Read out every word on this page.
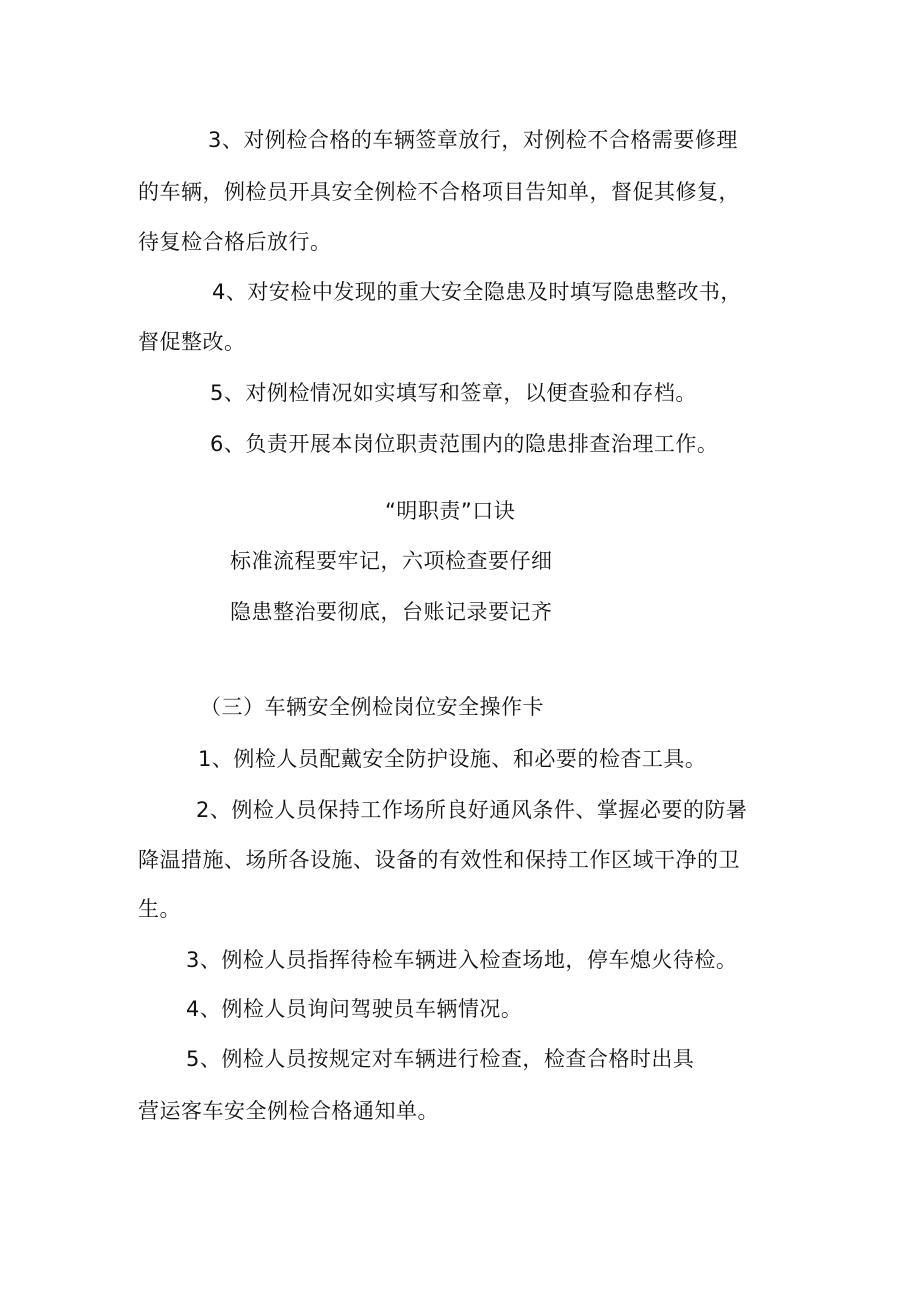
3、对例检合格的车辆签章放行，对例检不合格需要修理
的车辆，例检员开具安全例检不合格项目告知单，督促其修复，
待复检合格后放行。
4、对安检中发现的重大安全隐患及时填写隐患整改书，
督促整改。
5、对例检情况如实填写和签章，以便查验和存档。
6、负责开展本岗位职责范围内的隐患排查治理工作。
“明职责”口诀
标准流程要牢记，六项检查要仔细
隐患整治要彻底，台账记录要记齐
（三）车辆安全例检岗位安全操作卡
1、例检人员配戴安全防护设施、和必要的检杳工具。
2、例检人员保持工作场所良好通风条件、掌握必要的防暑
降温措施、场所各设施、设备的有效性和保持工作区域干净的卫
生。
3、例检人员指挥待检车辆进入检查场地，停车熄火待检。
4、例检人员询问驾驶员车辆情况。
5、例检人员按规定对车辆进行检查，检查合格时出具
营运客车安全例检合格通知单。
